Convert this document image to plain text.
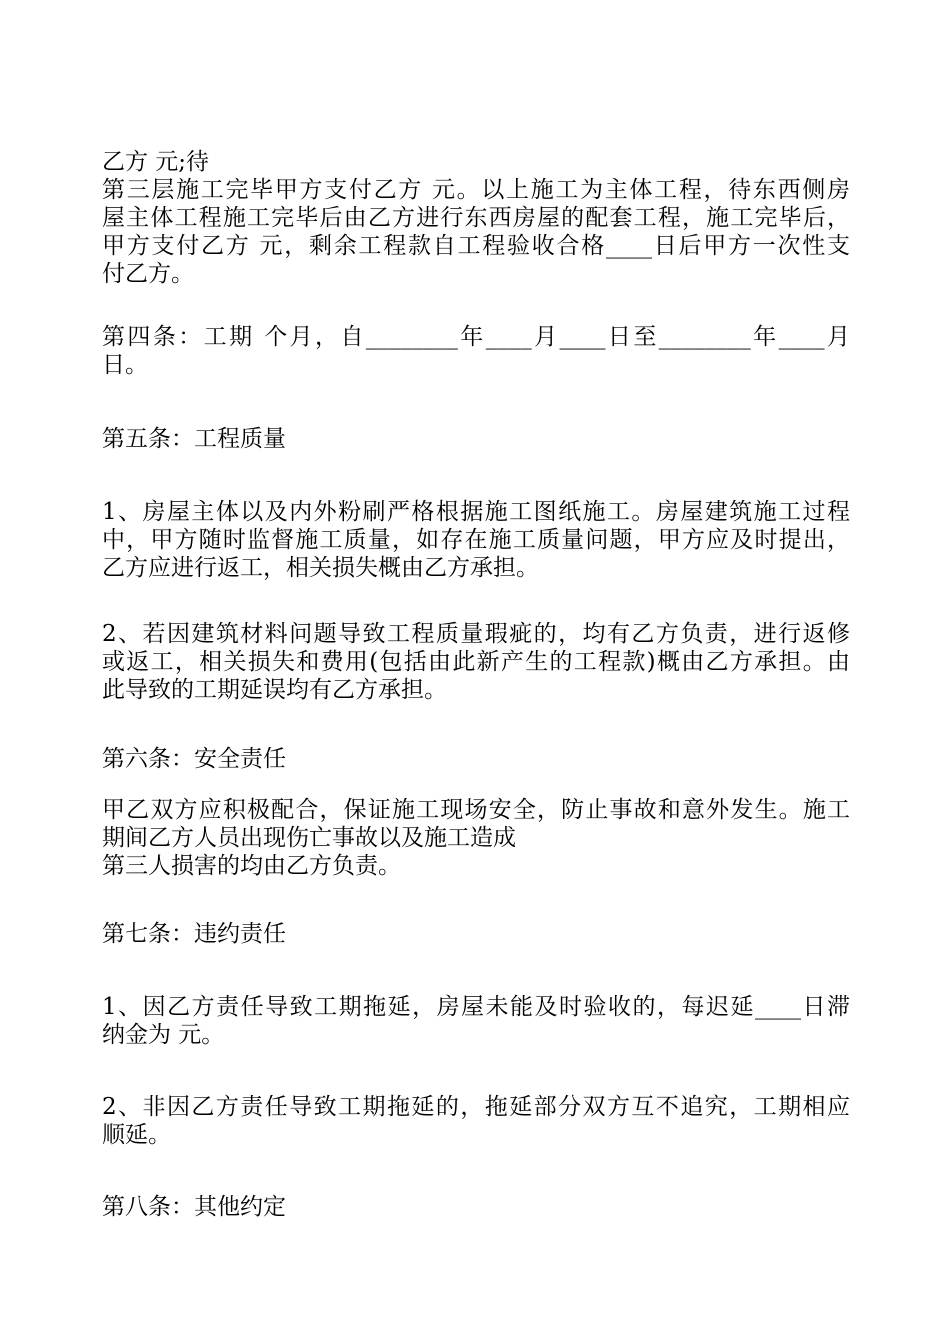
乙方 元;待
第三层施工完毕甲方支付乙方 元。以上施工为主体工程，待东西侧房
屋主体工程施工完毕后由乙方进行东西房屋的配套工程，施工完毕后，
甲方支付乙方 元，剩余工程款自工程验收合格____日后甲方一次性支
付乙方。
第四条：工期 个月，自________年____月____日至________年____月
日。
第五条：工程质量
1、房屋主体以及内外粉刷严格根据施工图纸施工。房屋建筑施工过程
中，甲方随时监督施工质量，如存在施工质量问题，甲方应及时提出，
乙方应进行返工，相关损失概由乙方承担。
2、若因建筑材料问题导致工程质量瑕疵的，均有乙方负责，进行返修
或返工，相关损失和费用(包括由此新产生的工程款)概由乙方承担。由
此导致的工期延误均有乙方承担。
第六条：安全责任
甲乙双方应积极配合，保证施工现场安全，防止事故和意外发生。施工
期间乙方人员出现伤亡事故以及施工造成
第三人损害的均由乙方负责。
第七条：违约责任
1、因乙方责任导致工期拖延，房屋未能及时验收的，每迟延____日滞
纳金为 元。
2、非因乙方责任导致工期拖延的，拖延部分双方互不追究，工期相应
顺延。
第八条：其他约定
